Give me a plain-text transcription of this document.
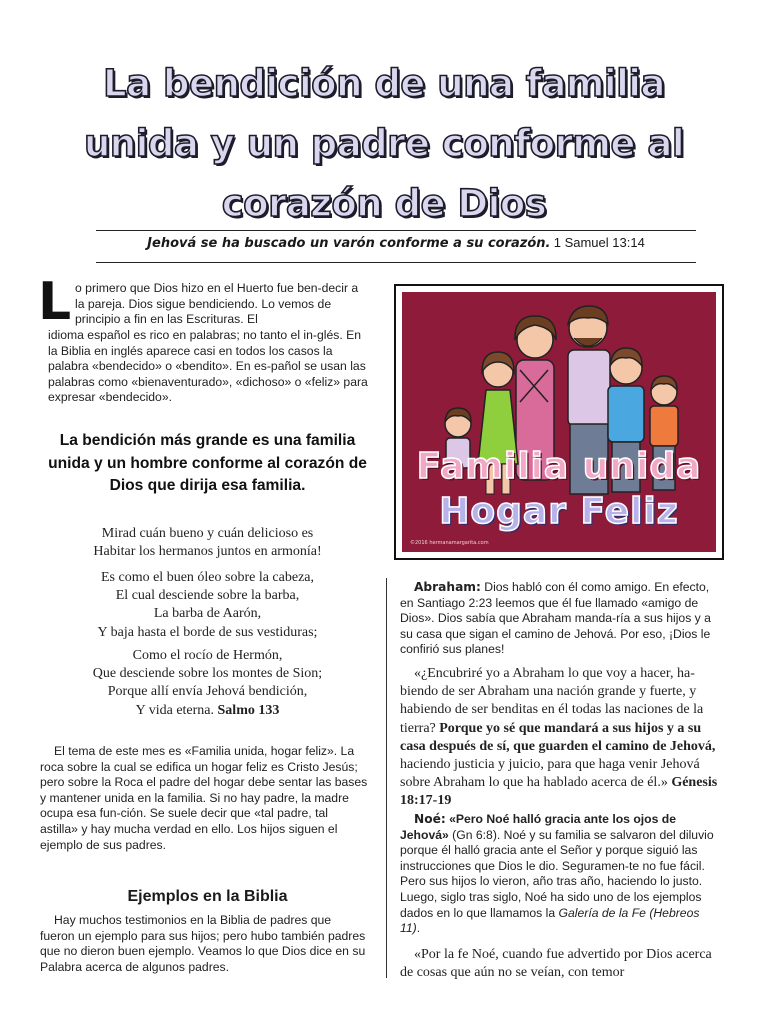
La bendición de una familia
unida y un padre conforme al
corazón de Dios
Jehová se ha buscado un varón conforme a su corazón. 1 Samuel 13:14
L o primero que Dios hizo en el Huerto fue ben-decir a la pareja. Dios sigue bendiciendo. Lo vemos de principio a fin en las Escrituras. El
idioma español es rico en palabras; no tanto el in-glés. En la Biblia en inglés aparece casi en todos los casos la palabra «bendecido» o «bendito». En es-pañol se usan las palabras como «bienaventurado», «dichoso» o «feliz» para expresar «bendecido».
La bendición más grande es una familia unida y un hombre conforme al corazón de Dios que dirija esa familia.
Mirad cuán bueno y cuán delicioso es
Habitar los hermanos juntos en armonía!
Es como el buen óleo sobre la cabeza,
El cual desciende sobre la barba,
La barba de Aarón,
Y baja hasta el borde de sus vestiduras;
Como el rocío de Hermón,
Que desciende sobre los montes de Sion;
Porque allí envía Jehová bendición,
Y vida eterna. Salmo 133
El tema de este mes es «Familia unida, hogar feliz». La roca sobre la cual se edifica un hogar feliz es Cristo Jesús; pero sobre la Roca el padre del hogar debe sentar las bases y mantener unida en la familia. Si no hay padre, la madre ocupa esa fun-ción. Se suele decir que «tal padre, tal astilla» y hay mucha verdad en ello. Los hijos siguen el ejemplo de sus padres.
Ejemplos en la Biblia
Hay muchos testimonios en la Biblia de padres que fueron un ejemplo para sus hijos; pero hubo también padres que no dieron buen ejemplo. Veamos lo que Dios dice en su Palabra acerca de algunos padres.
Familia unida
Hogar Feliz
©2016 hermanamargarita.com

Abraham: Dios habló con él como amigo. En efecto, en Santiago 2:23 leemos que él fue llamado «amigo de Dios». Dios sabía que Abraham manda-ría a sus hijos y a su casa que sigan el camino de Jehová. Por eso, ¡Dios le confirió sus planes!

«¿Encubriré yo a Abraham lo que voy a hacer, ha-biendo de ser Abraham una nación grande y fuerte, y habiendo de ser benditas en él todas las naciones de la tierra? Porque yo sé que mandará a sus hijos y a su casa después de sí, que guarden el camino de Jehová, haciendo justicia y juicio, para que haga venir Jehová sobre Abraham lo que ha hablado acerca de él.» Génesis 18:17-19
Noé: «Pero Noé halló gracia ante los ojos de Jehová» (Gn 6:8). Noé y su familia se salvaron del diluvio porque él halló gracia ante el Señor y porque siguió las instrucciones que Dios le dio. Seguramen-te no fue fácil. Pero sus hijos lo vieron, año tras año, haciendo lo justo. Luego, siglo tras siglo, Noé ha sido uno de los ejemplos dados en lo que llamamos la Galería de la Fe (Hebreos 11).
«Por la fe Noé, cuando fue advertido por Dios acerca de cosas que aún no se veían, con temor
